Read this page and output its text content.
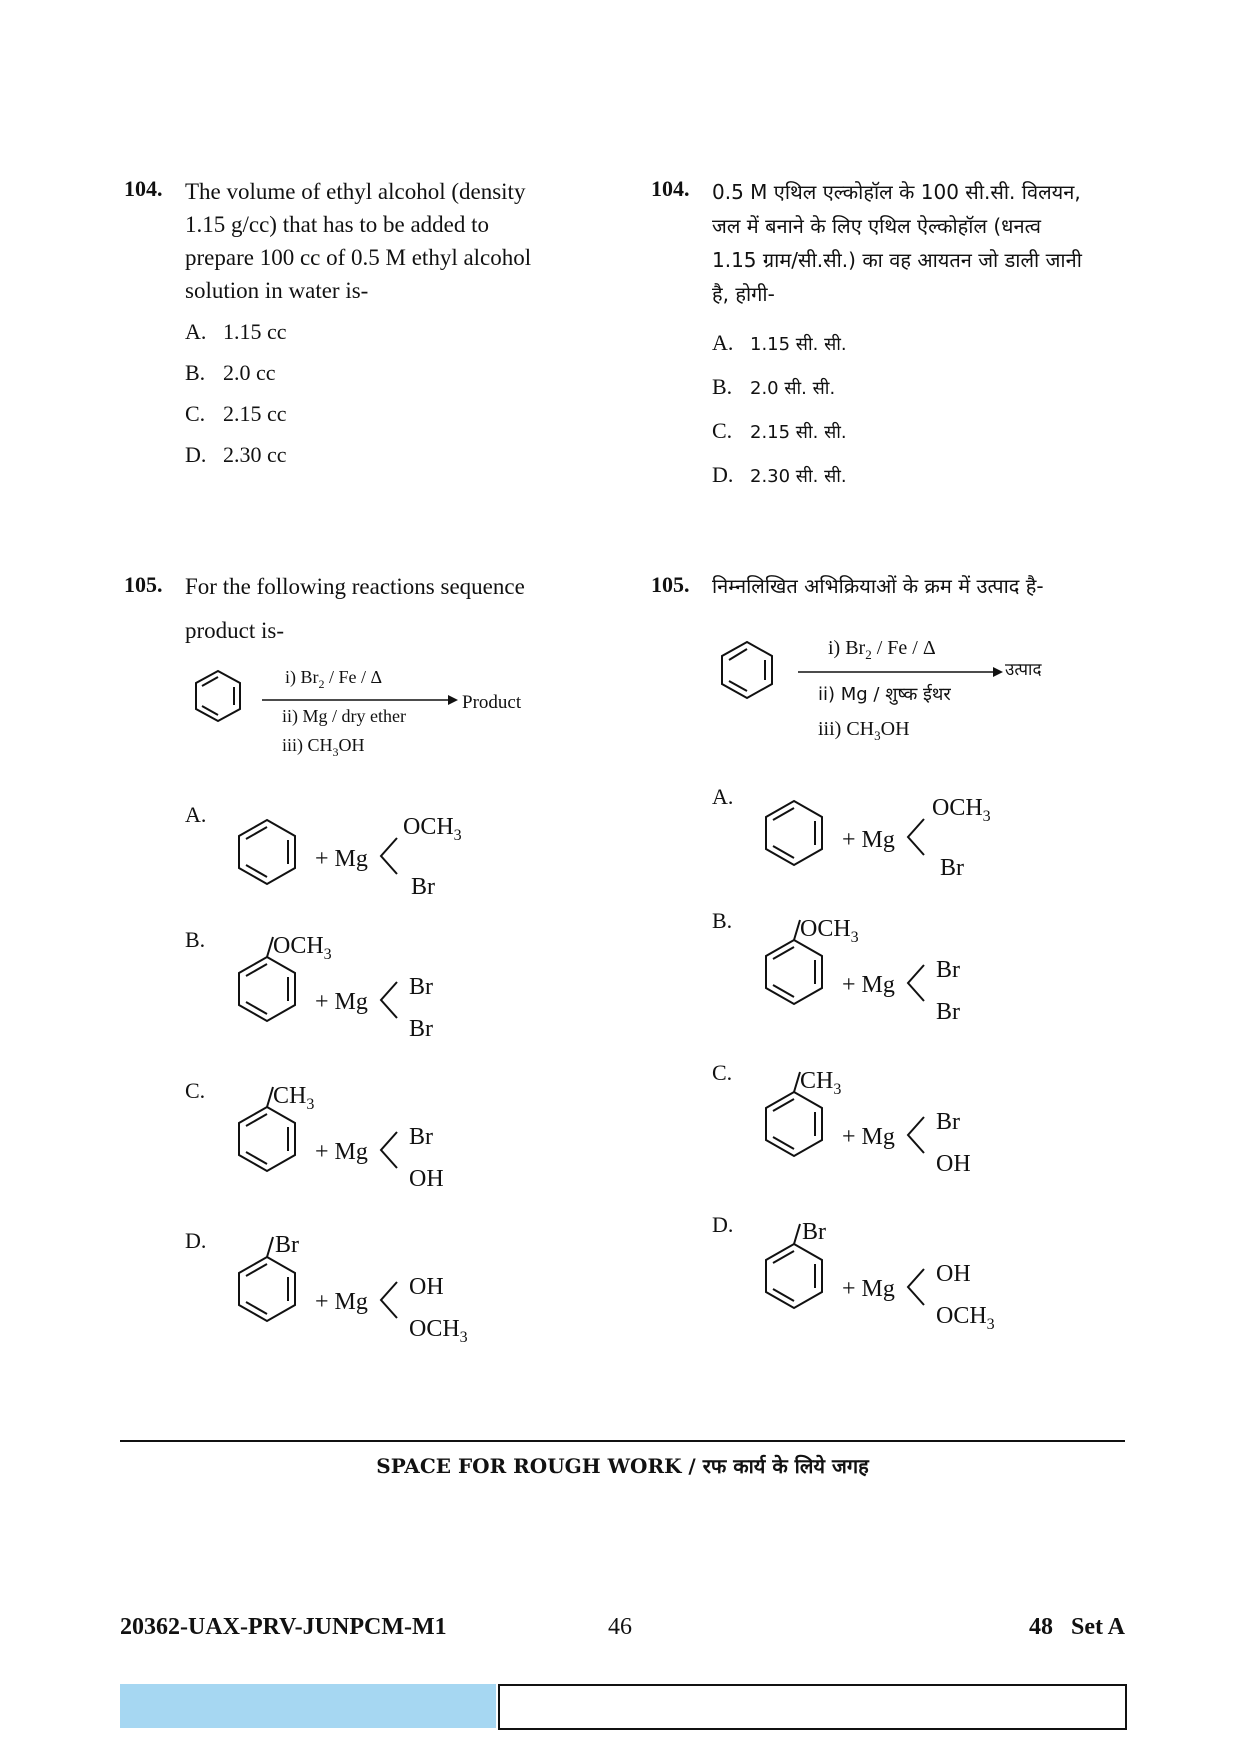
104. The volume of ethyl alcohol (density
1.15 g/cc) that has to be added to
prepare 100 cc of 0.5 M ethyl alcohol
solution in water is-
A. 1.15 cc
B. 2.0 cc
C. 2.15 cc
D. 2.30 cc
104. 0.5 M एथिल एल्कोहॉल के 100 सी.सी. विलयन,
जल में बनाने के लिए एथिल ऐल्कोहॉल (धनत्व
1.15 ग्राम/सी.सी.) का वह आयतन जो डाली जानी
है, होगी-
A. 1.15 सी. सी.
B. 2.0 सी. सी.
C. 2.15 सी. सी.
D. 2.30 सी. सी.
105. For the following reactions sequence
product is-
i) $Br_2$ / Fe / Δ
ii) Mg / dry ether
iii) $CH_3OH$
Product
A.
+ Mg
$OCH_3$
Br
B.	$OCH_3$
+ Mg
Br
Br
C.	$CH_3$
+ Mg
Br
OH
D.	Br
+ Mg
OH
$OCH_3$
105. निम्नलिखित अभिक्रियाओं के क्रम में उत्पाद है-
i) $Br_2$ / Fe / Δ
ii) Mg / शुष्क ईथर
iii) $CH_3OH$
उत्पाद
A.
+ Mg
$OCH_3$
Br
B.	$OCH_3$
+ Mg
Br
Br
C.	$CH_3$
+ Mg
Br
OH
D.	Br
+ Mg
OH
$OCH_3$
SPACE FOR ROUGH WORK / रफ कार्य के लिये जगह
20362-UAX-PRV-JUNPCM-M1	46	48   Set A
